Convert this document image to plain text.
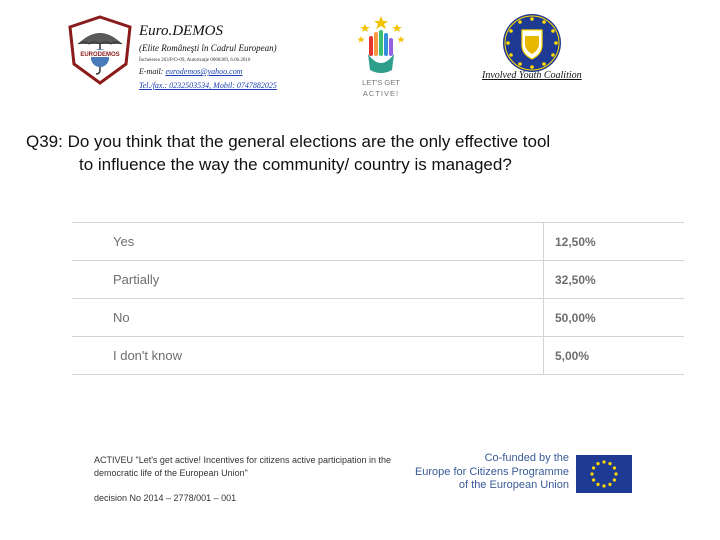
EURODEMOS
Euro.DEMOS
(Elite Româneşti în Cadrul European)
Încheierea 263/P/O-09, Autorizaţie 0068369, 6.06.2010
E-mail: eurodemos@yahoo.com
Tel./fax.: 0232503534, Mobil: 0747882025	LET'S GET
ACTIVE!
Involved Youth Coalition

Q39: Do you think that the general elections are the only effective tool
to influence the way the community/ country is managed?

Yes	12,50%
Partially	32,50%
No	50,00%
I don't know	5,00%
ACTIVEU "Let's get active! Incentives for citizens active participation in the democratic life of the European Union"
decision No 2014 – 2778/001 – 001
Co-funded by the
Europe for Citizens Programme
of the European Union
